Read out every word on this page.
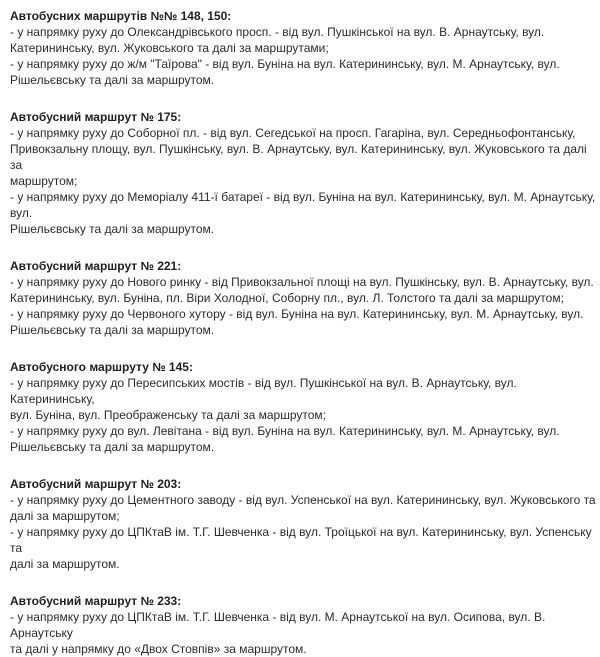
Автобусних маршрутів №№ 148, 150:
- у напрямку руху до Олександрівського просп. - від вул. Пушкінської на вул. В. Арнаутську, вул.
Катерининську, вул. Жуковського та далі за маршрутами;
- у напрямку руху до ж/м "Таїрова" - від вул. Буніна на вул. Катерининську, вул. М. Арнаутську, вул.
Рішельєвську та далі за маршрутом.
Автобусний маршрут № 175:
- у напрямку руху до Соборної пл. - від вул. Сегедської на просп. Гагаріна, вул. Середньофонтанську,
Привокзальну площу, вул. Пушкінську, вул. В. Арнаутську, вул. Катерининську, вул. Жуковського та далі за
маршрутом;
- у напрямку руху до Меморіалу 411-ї батареї - від вул. Буніна на вул. Катерининську, вул. М. Арнаутську, вул.
Рішельєвську та далі за маршрутом.
Автобусний маршрут № 221:
- у напрямку руху до Нового ринку - від Привокзальної площі на вул. Пушкінську, вул. В. Арнаутську, вул.
Катерининську, вул. Буніна, пл. Віри Холодної, Соборну пл., вул. Л. Толстого та далі за маршрутом;
- у напрямку руху до Червоного хутору - від вул. Буніна на вул. Катерининську, вул. М. Арнаутську, вул.
Рішельєвську та далі за маршрутом.
Автобусного маршруту № 145:
- у напрямку руху до Пересипських мостів - від вул. Пушкінської на вул. В. Арнаутську, вул. Катерининську,
вул. Буніна, вул. Преображенську та далі за маршрутом;
- у напрямку руху до вул. Левітана - від вул. Буніна на вул. Катерининську, вул. М. Арнаутську, вул.
Рішельєвську та далі за маршрутом.
Автобусний маршрут № 203:
- у напрямку руху до Цементного заводу - від вул. Успенської на вул. Катерининську, вул. Жуковського та
далі за маршрутом;
- у напрямку руху до ЦПКтаВ ім. Т.Г. Шевченка - від вул. Троїцької на вул. Катерининську, вул. Успенську та
далі за маршрутом.
Автобусний маршрут № 233:
- у напрямку руху до ЦПКтаВ ім. Т.Г. Шевченка - від вул. М. Арнаутської на вул. Осипова, вул. В. Арнаутську
та далі у напрямку до «Двох Стовпів» за маршрутом.
